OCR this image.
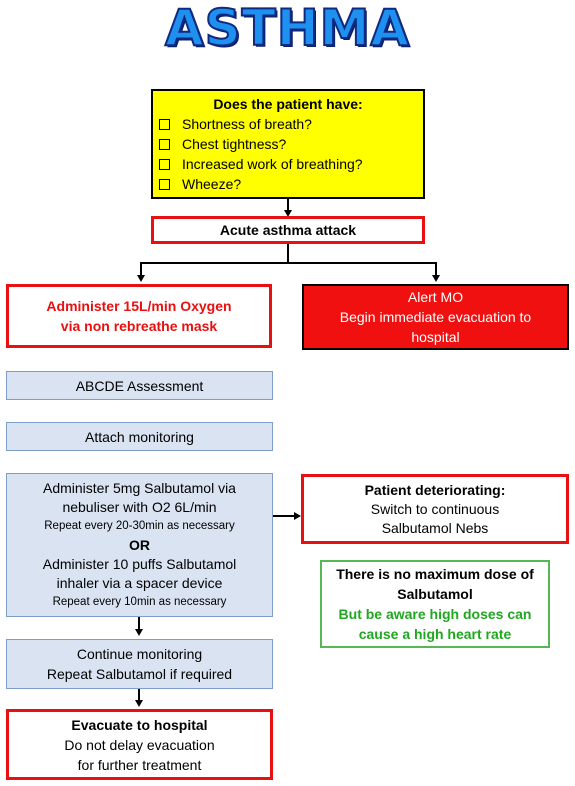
ASTHMA
Does the patient have:
Shortness of breath?
Chest tightness?
Increased work of breathing?
Wheeze?
Acute asthma attack
Administer 15L/min Oxygen
via non rebreathe mask
Alert MO
Begin immediate evacuation to
hospital
ABCDE Assessment
Attach monitoring
Administer 5mg Salbutamol via
nebuliser with O2 6L/min
Repeat every 20-30min as necessary
OR
Administer 10 puffs Salbutamol
inhaler via a spacer device
Repeat every 10min as necessary
Patient deteriorating:
Switch to continuous
Salbutamol Nebs
There is no maximum dose of
Salbutamol
But be aware high doses can
cause a high heart rate
Continue monitoring
Repeat Salbutamol if required
Evacuate to hospital
Do not delay evacuation
for further treatment
